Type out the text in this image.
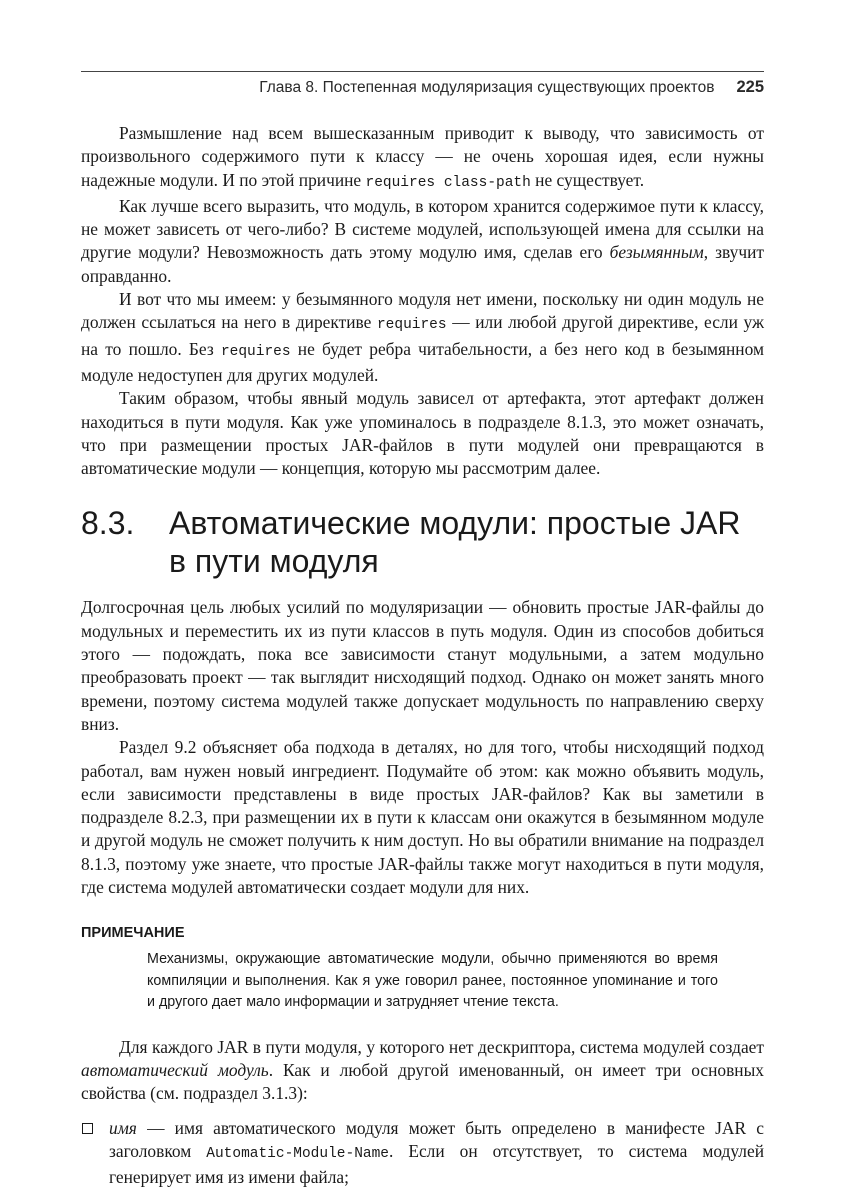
Глава 8. Постепенная модуляризация существующих проектов 225

Размышление над всем вышесказанным приводит к выводу, что зависимость от произвольного содержимого пути к классу — не очень хорошая идея, если нужны надежные модули. И по этой причине requires class-path не существует.

Как лучше всего выразить, что модуль, в котором хранится содержимое пути к классу, не может зависеть от чего-либо? В системе модулей, использующей имена для ссылки на другие модули? Невозможность дать этому модулю имя, сделав его безымянным, звучит оправданно.

И вот что мы имеем: у безымянного модуля нет имени, поскольку ни один модуль не должен ссылаться на него в директиве requires — или любой другой директиве, если уж на то пошло. Без requires не будет ребра читабельности, а без него код в безымянном модуле недоступен для других модулей.

Таким образом, чтобы явный модуль зависел от артефакта, этот артефакт должен находиться в пути модуля. Как уже упоминалось в подразделе 8.1.3, это может означать, что при размещении простых JAR-файлов в пути модулей они превращаются в автоматические модули — концепция, которую мы рассмотрим далее.

8.3.	Автоматические модули: простые JAR в пути модуля

Долгосрочная цель любых усилий по модуляризации — обновить простые JAR-файлы до модульных и переместить их из пути классов в путь модуля. Один из способов добиться этого — подождать, пока все зависимости станут модульными, а затем модульно преобразовать проект — так выглядит нисходящий подход. Однако он может занять много времени, поэтому система модулей также допускает модульность по направлению сверху вниз.

Раздел 9.2 объясняет оба подхода в деталях, но для того, чтобы нисходящий подход работал, вам нужен новый ингредиент. Подумайте об этом: как можно объявить модуль, если зависимости представлены в виде простых JAR-файлов? Как вы заметили в подразделе 8.2.3, при размещении их в пути к классам они окажутся в безымянном модуле и другой модуль не сможет получить к ним доступ. Но вы обратили внимание на подраздел 8.1.3, поэтому уже знаете, что простые JAR-файлы также могут находиться в пути модуля, где система модулей автоматически создает модули для них.

ПРИМЕЧАНИЕ
Механизмы, окружающие автоматические модули, обычно применяются во время компиляции и выполнения. Как я уже говорил ранее, постоянное упоминание и того и другого дает мало информации и затрудняет чтение текста.

Для каждого JAR в пути модуля, у которого нет дескриптора, система модулей создает автоматический модуль. Как и любой другой именованный, он имеет три основных свойства (см. подраздел 3.1.3):

имя — имя автоматического модуля может быть определено в манифесте JAR с заголовком Automatic-Module-Name. Если он отсутствует, то система модулей генерирует имя из имени файла;
